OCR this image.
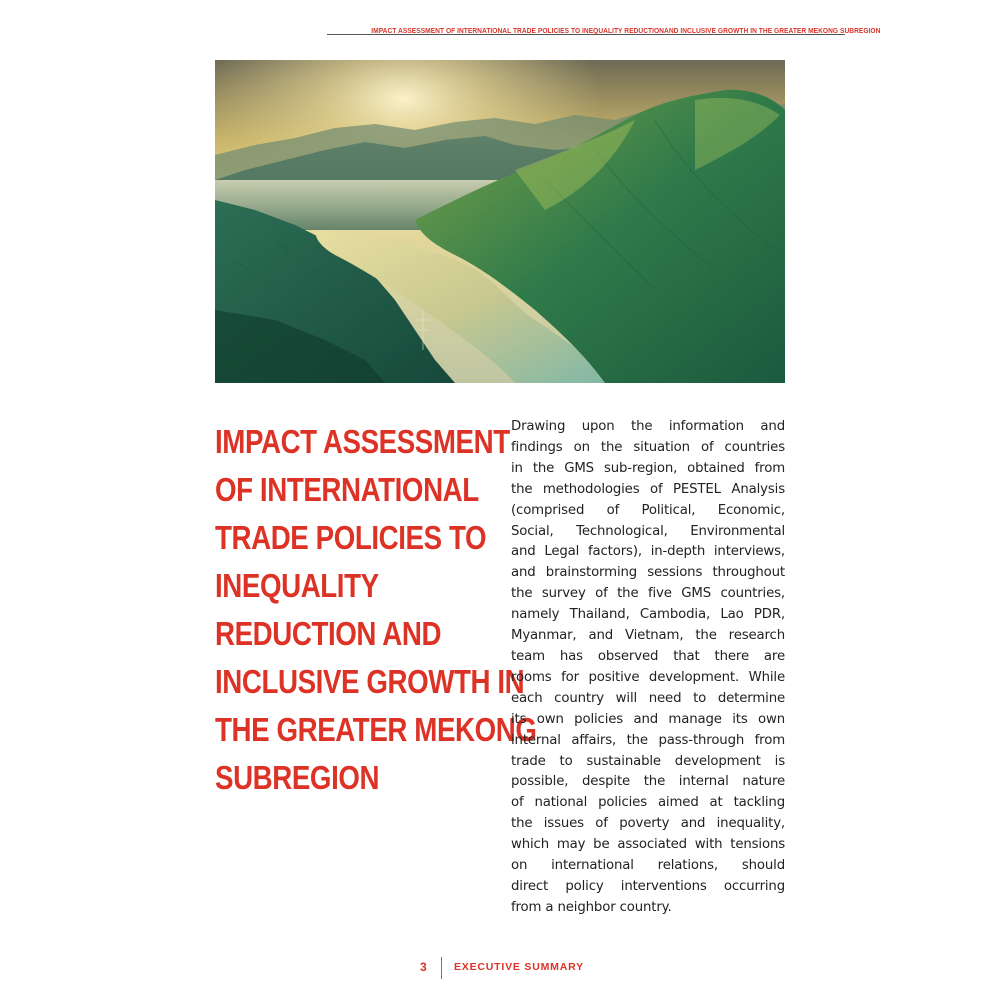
IMPACT ASSESSMENT OF INTERNATIONAL TRADE POLICIES TO INEQUALITY REDUCTIONAND INCLUSIVE GROWTH IN THE GREATER MEKONG SUBREGION
IMPACT ASSESSMENT
OF INTERNATIONAL
TRADE POLICIES TO
INEQUALITY
REDUCTION AND
INCLUSIVE GROWTH IN
THE GREATER MEKONG
SUBREGION

Drawing upon the information and
findings on the situation of countries
in the GMS sub-region, obtained from
the methodologies of PESTEL Analysis
(comprised of Political, Economic,
Social, Technological, Environmental
and Legal factors), in-depth interviews,
and brainstorming sessions throughout
the survey of the five GMS countries,
namely Thailand, Cambodia, Lao PDR,
Myanmar, and Vietnam, the research
team has observed that there are
rooms for positive development. While
each country will need to determine
its own policies and manage its own
internal affairs, the pass-through from
trade to sustainable development is
possible, despite the internal nature
of national policies aimed at tackling
the issues of poverty and inequality,
which may be associated with tensions
on international relations, should
direct policy interventions occurring
from a neighbor country.

3	EXECUTIVE SUMMARY
